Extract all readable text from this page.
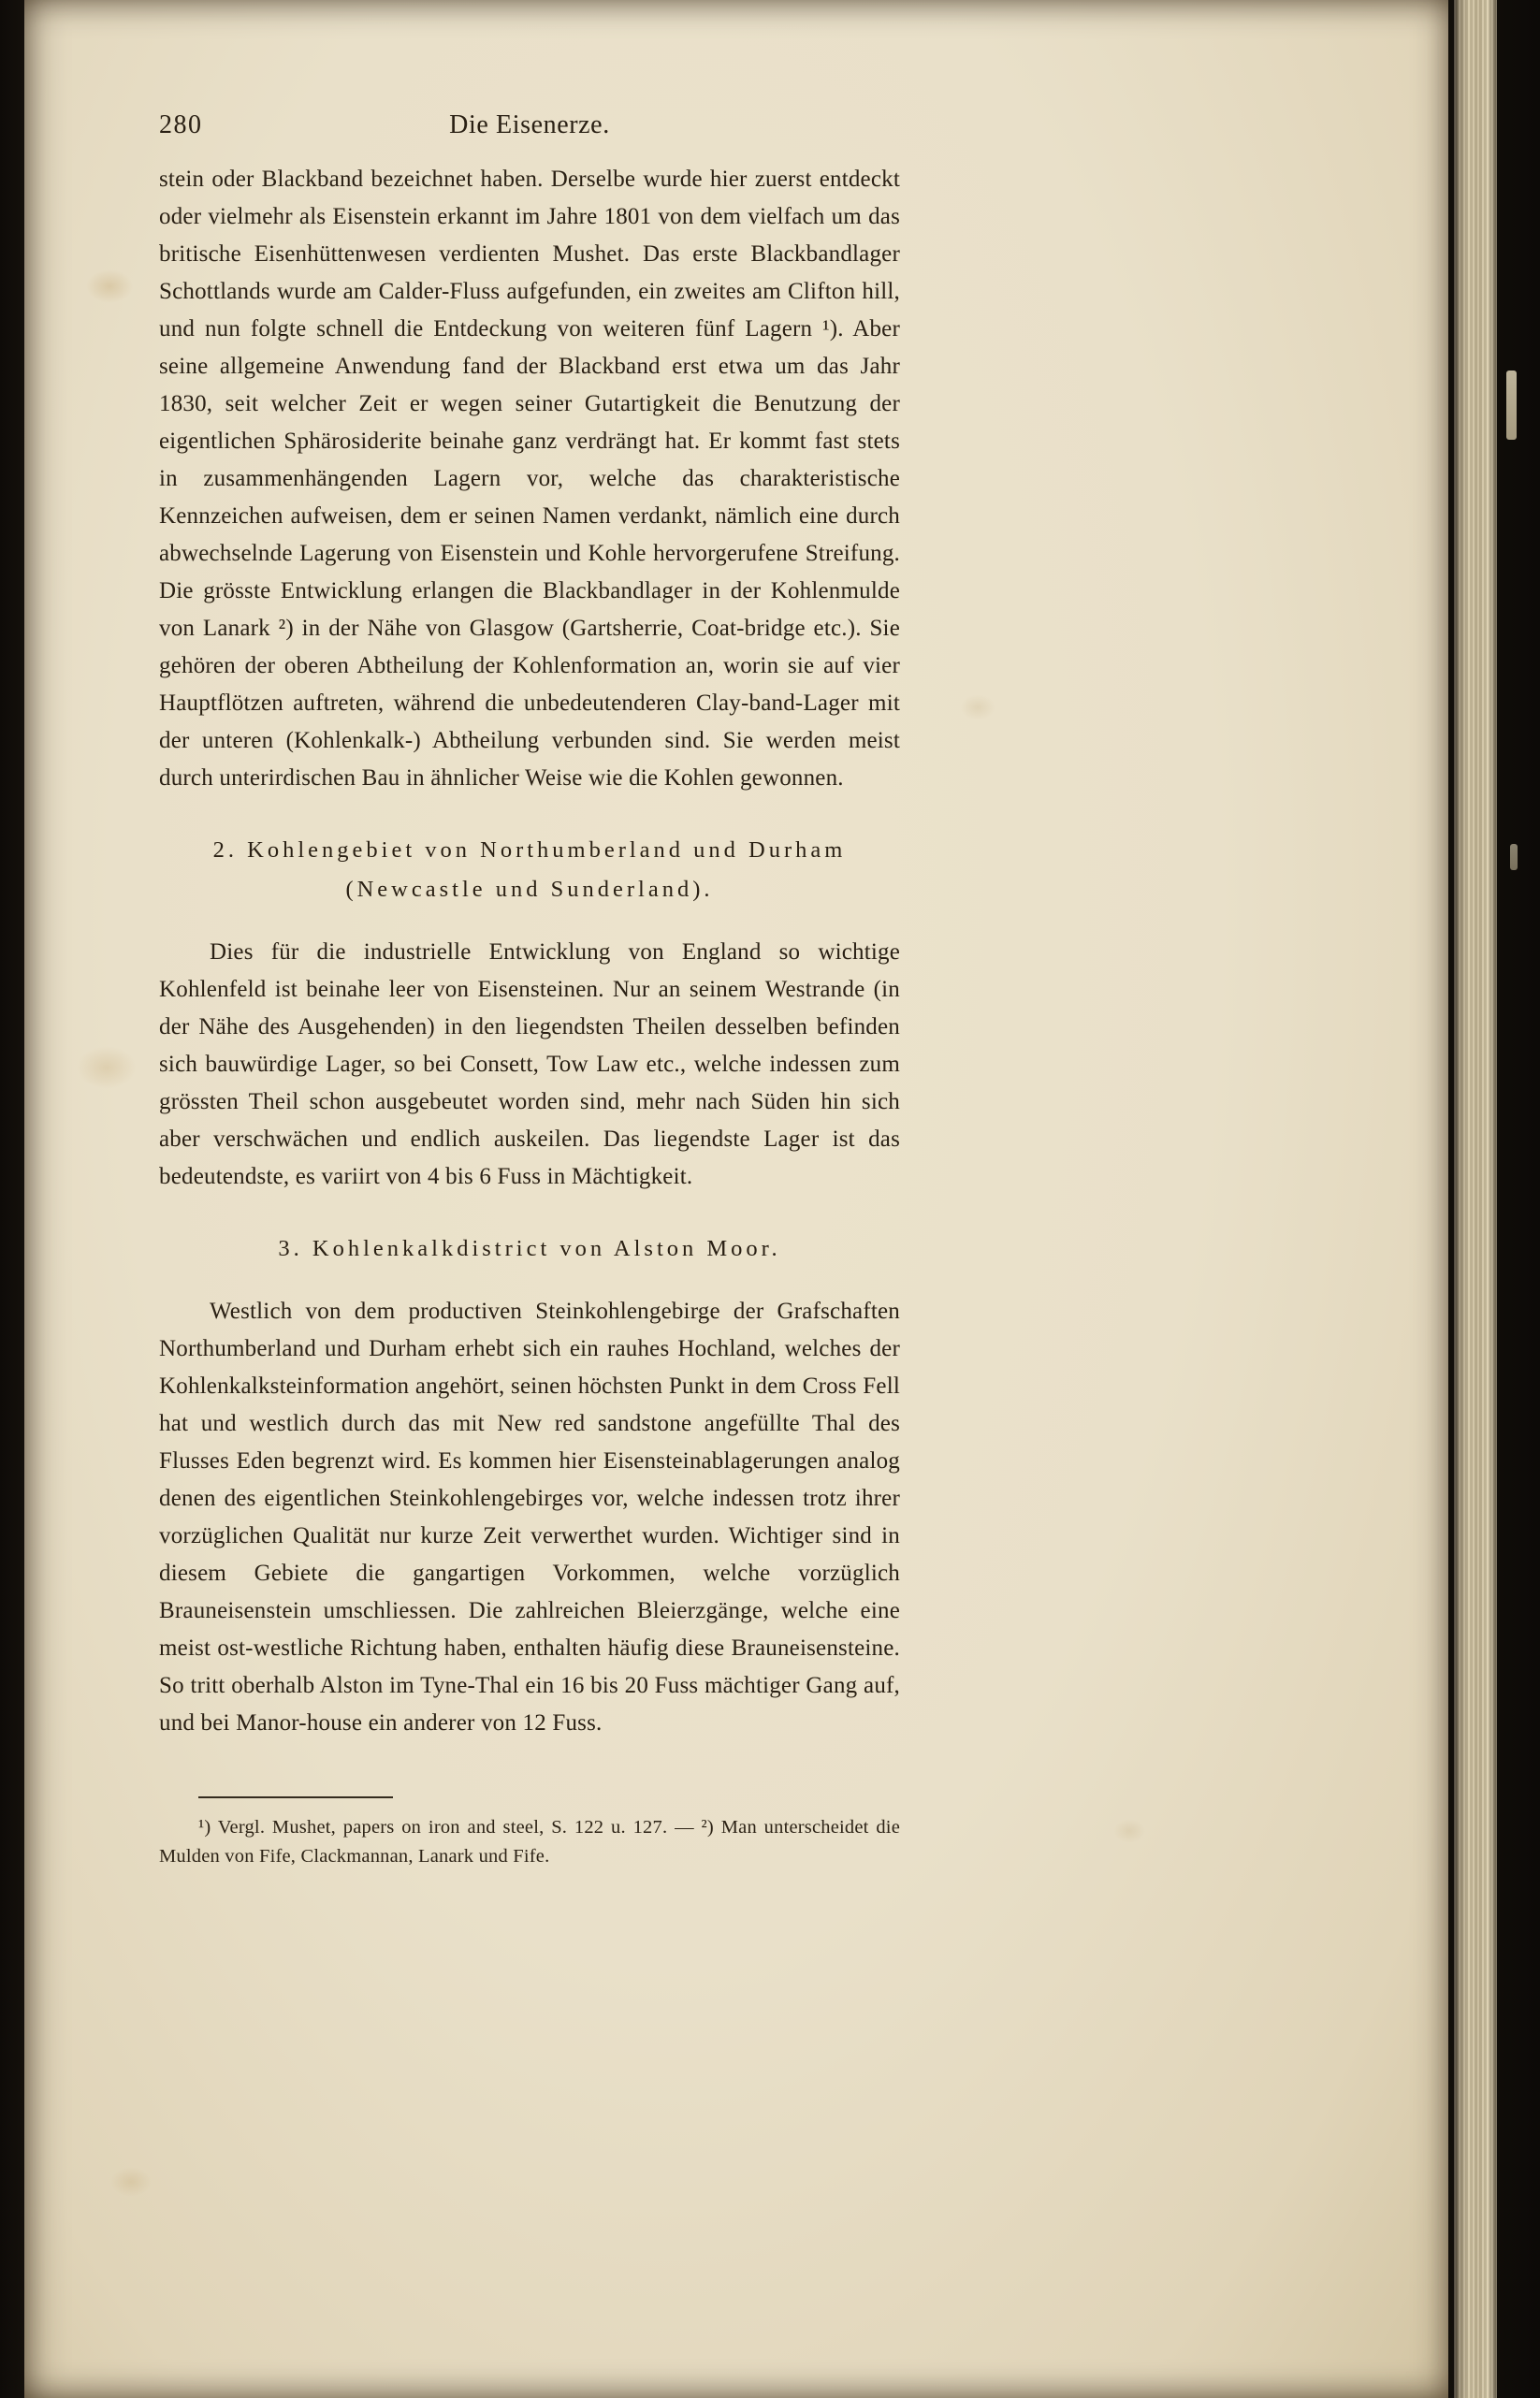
280	Die Eisenerze.

stein oder Blackband bezeichnet haben. Derselbe wurde hier zuerst entdeckt oder vielmehr als Eisenstein erkannt im Jahre 1801 von dem vielfach um das britische Eisenhüttenwesen verdienten Mushet. Das erste Blackbandlager Schottlands wurde am Calder-Fluss aufgefunden, ein zweites am Clifton hill, und nun folgte schnell die Entdeckung von weiteren fünf Lagern ¹). Aber seine allgemeine Anwendung fand der Blackband erst etwa um das Jahr 1830, seit welcher Zeit er wegen seiner Gutartigkeit die Benutzung der eigentlichen Sphärosiderite beinahe ganz verdrängt hat. Er kommt fast stets in zusammenhängenden Lagern vor, welche das charakteristische Kennzeichen aufweisen, dem er seinen Namen verdankt, nämlich eine durch abwechselnde Lagerung von Eisenstein und Kohle hervorgerufene Streifung. Die grösste Entwicklung erlangen die Blackbandlager in der Kohlenmulde von Lanark ²) in der Nähe von Glasgow (Gartsherrie, Coat-bridge etc.). Sie gehören der oberen Abtheilung der Kohlenformation an, worin sie auf vier Hauptflötzen auftreten, während die unbedeutenderen Clay-band-Lager mit der unteren (Kohlenkalk-) Abtheilung verbunden sind. Sie werden meist durch unterirdischen Bau in ähnlicher Weise wie die Kohlen gewonnen.

2. Kohlengebiet von Northumberland und Durham
(Newcastle und Sunderland).

Dies für die industrielle Entwicklung von England so wichtige Kohlenfeld ist beinahe leer von Eisensteinen. Nur an seinem Westrande (in der Nähe des Ausgehenden) in den liegendsten Theilen desselben befinden sich bauwürdige Lager, so bei Consett, Tow Law etc., welche indessen zum grössten Theil schon ausgebeutet worden sind, mehr nach Süden hin sich aber verschwächen und endlich auskeilen. Das liegendste Lager ist das bedeutendste, es variirt von 4 bis 6 Fuss in Mächtigkeit.

3. Kohlenkalkdistrict von Alston Moor.

Westlich von dem productiven Steinkohlengebirge der Grafschaften Northumberland und Durham erhebt sich ein rauhes Hochland, welches der Kohlenkalksteinformation angehört, seinen höchsten Punkt in dem Cross Fell hat und westlich durch das mit New red sandstone angefüllte Thal des Flusses Eden begrenzt wird. Es kommen hier Eisensteinablagerungen analog denen des eigentlichen Steinkohlengebirges vor, welche indessen trotz ihrer vorzüglichen Qualität nur kurze Zeit verwerthet wurden. Wichtiger sind in diesem Gebiete die gangartigen Vorkommen, welche vorzüglich Brauneisenstein umschliessen. Die zahlreichen Bleierzgänge, welche eine meist ost-westliche Richtung haben, enthalten häufig diese Brauneisensteine. So tritt oberhalb Alston im Tyne-Thal ein 16 bis 20 Fuss mächtiger Gang auf, und bei Manor-house ein anderer von 12 Fuss.

¹) Vergl. Mushet, papers on iron and steel, S. 122 u. 127. — ²) Man unterscheidet die Mulden von Fife, Clackmannan, Lanark und Fife.
